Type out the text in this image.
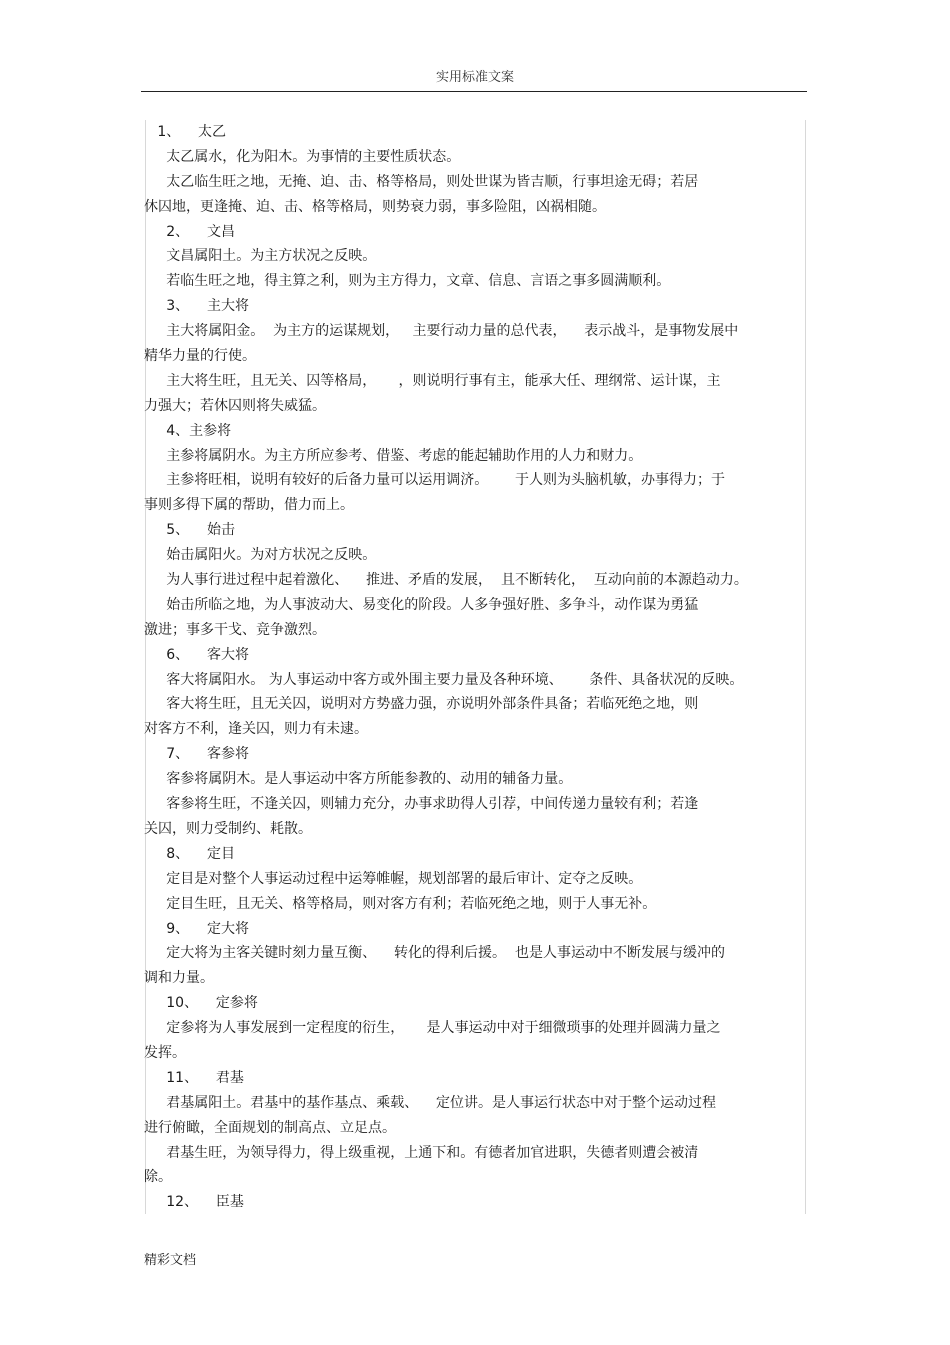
实用标准文案
1、    太乙
太乙属水，化为阳木。为事情的主要性质状态。
太乙临生旺之地，无掩、迫、击、格等格局，则处世谋为皆吉顺，行事坦途无碍；若居
休囚地，更逢掩、迫、击、格等格局，则势衰力弱，事多险阻，凶祸相随。
2、    文昌
文昌属阳土。为主方状况之反映。
若临生旺之地，得主算之利，则为主方得力，文章、信息、言语之事多圆满顺利。
3、    主大将
主大将属阳金。  为主方的运谋规划，   主要行动力量的总代表，    表示战斗，是事物发展中
精华力量的行使。
主大将生旺，且无关、囚等格局，     ，则说明行事有主，能承大任、理纲常、运计谋，主
力强大；若休囚则将失威猛。
4、主参将
主参将属阴水。为主方所应参考、借鉴、考虑的能起辅助作用的人力和财力。
主参将旺相，说明有较好的后备力量可以运用调济。      于人则为头脑机敏，办事得力；于
事则多得下属的帮助，借力而上。
5、    始击
始击属阳火。为对方状况之反映。
为人事行进过程中起着激化、    推进、矛盾的发展，  且不断转化，  互动向前的本源趋动力。
始击所临之地，为人事波动大、易变化的阶段。人多争强好胜、多争斗，动作谋为勇猛
激进；事多干戈、竞争激烈。
6、    客大将
客大将属阳水。 为人事运动中客方或外围主要力量及各种环境、      条件、具备状况的反映。
客大将生旺，且无关囚，说明对方势盛力强，亦说明外部条件具备；若临死绝之地，则
对客方不利，逢关囚，则力有未逮。
7、    客参将
客参将属阴木。是人事运动中客方所能参教的、动用的辅备力量。
客参将生旺，不逢关囚，则辅力充分，办事求助得人引荐，中间传递力量较有利；若逢
关囚，则力受制约、耗散。
8、    定目
定目是对整个人事运动过程中运筹帷幄，规划部署的最后审计、定夺之反映。
定目生旺，且无关、格等格局，则对客方有利；若临死绝之地，则于人事无补。
9、    定大将
定大将为主客关键时刻力量互衡、    转化的得利后援。  也是人事运动中不断发展与缓冲的
调和力量。
10、    定参将
定参将为人事发展到一定程度的衍生，     是人事运动中对于细微琐事的处理并圆满力量之
发挥。
11、    君基
君基属阳土。君基中的基作基点、乘载、    定位讲。是人事运行状态中对于整个运动过程
进行俯瞰，全面规划的制高点、立足点。
君基生旺，为领导得力，得上级重视，上通下和。有德者加官进职，失德者则遭会被清
除。
12、    臣基
精彩文档
